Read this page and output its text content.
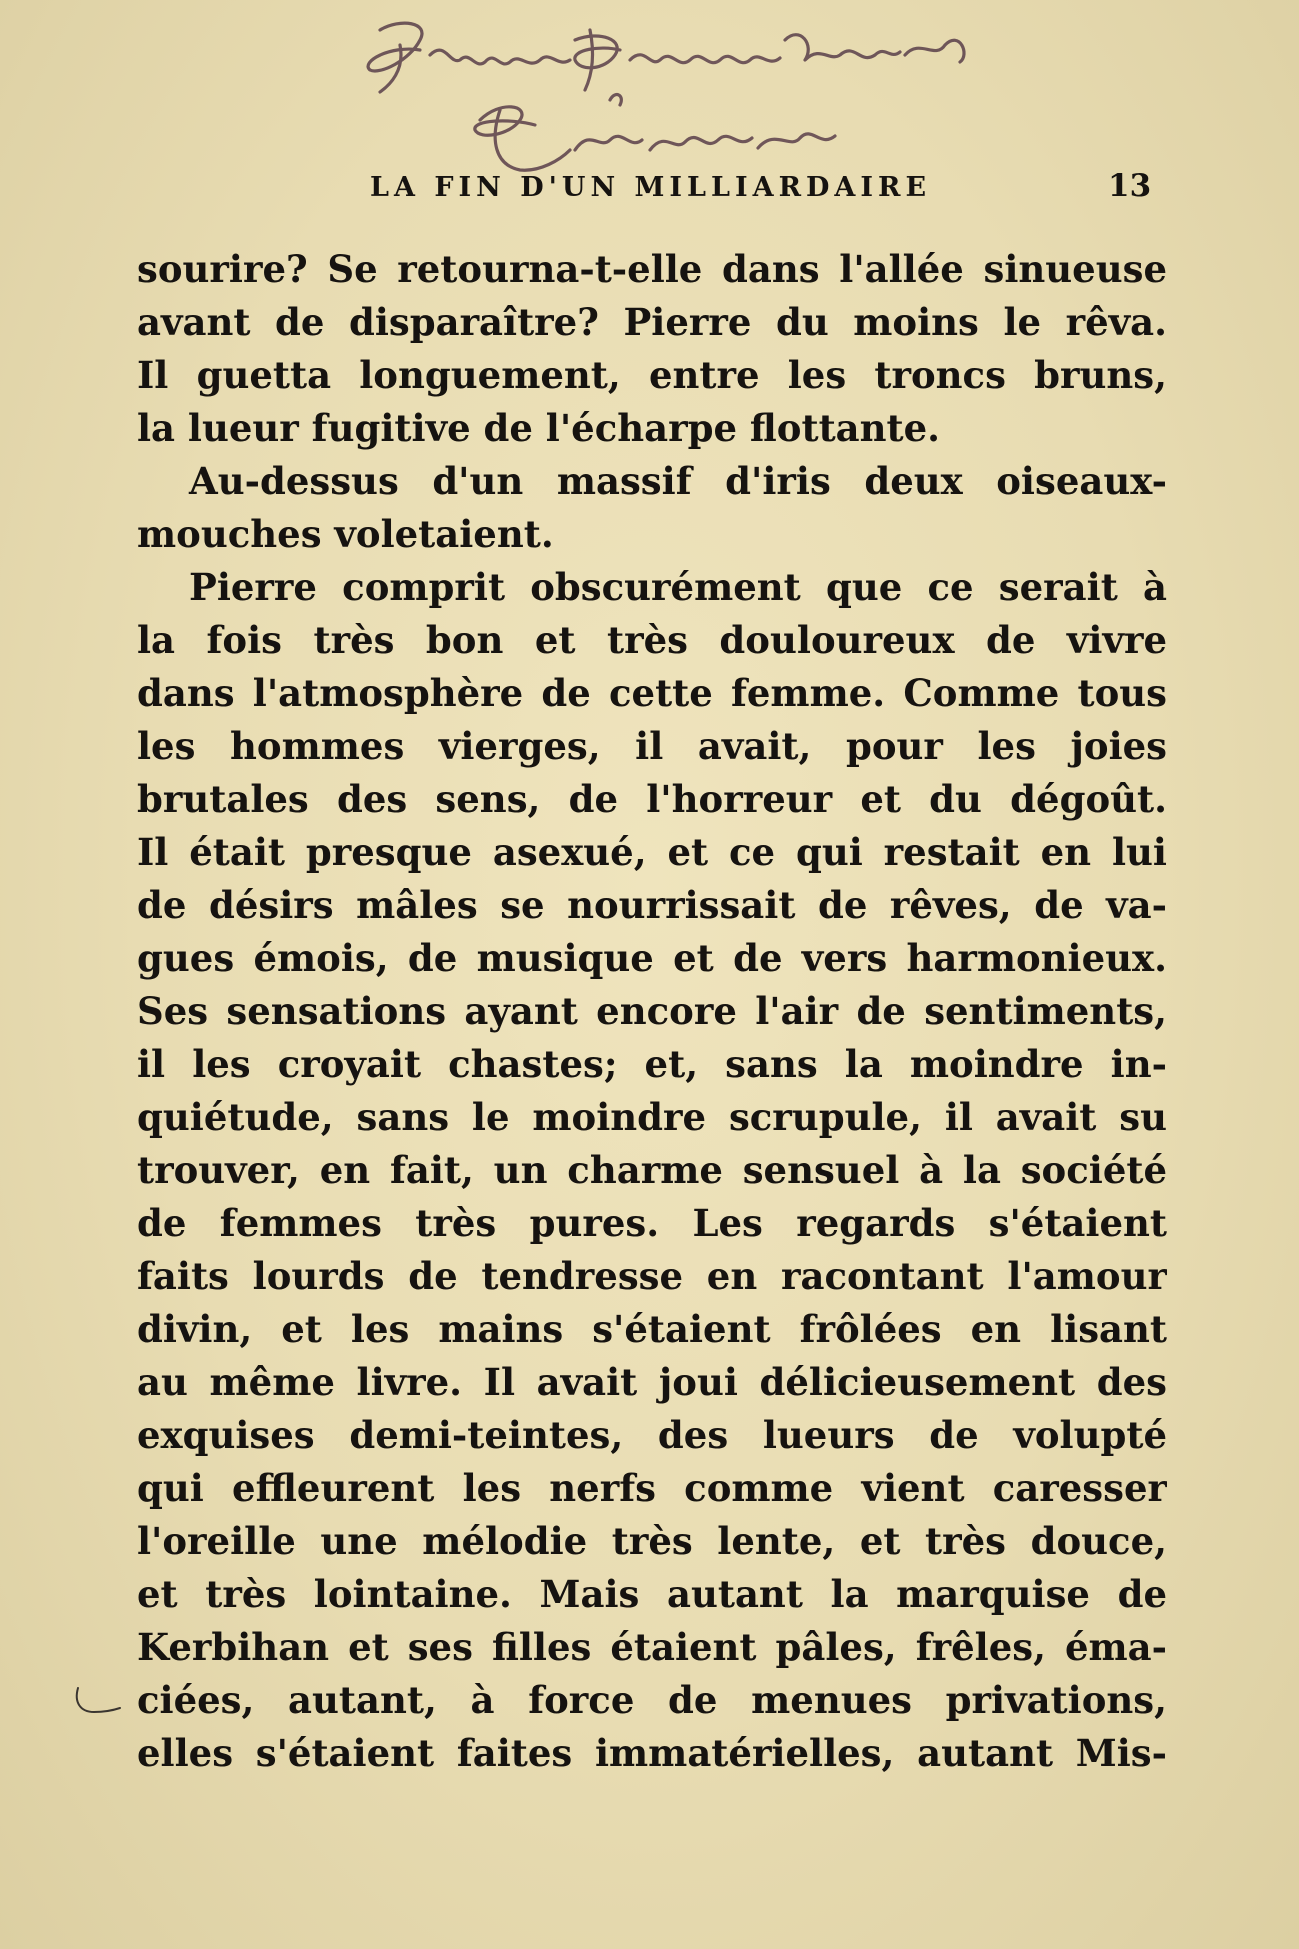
LA FIN D'UN MILLIARDAIRE	13
sourire? Se retourna-t-elle dans l'allée sinueuse
avant de disparaître? Pierre du moins le rêva.
Il guetta longuement, entre les troncs bruns,
la lueur fugitive de l'écharpe flottante.
Au-dessus d'un massif d'iris deux oiseaux-
mouches voletaient.
Pierre comprit obscurément que ce serait à
la fois très bon et très douloureux de vivre
dans l'atmosphère de cette femme. Comme tous
les hommes vierges, il avait, pour les joies
brutales des sens, de l'horreur et du dégoût.
Il était presque asexué, et ce qui restait en lui
de désirs mâles se nourrissait de rêves, de va-
gues émois, de musique et de vers harmonieux.
Ses sensations ayant encore l'air de sentiments,
il les croyait chastes; et, sans la moindre in-
quiétude, sans le moindre scrupule, il avait su
trouver, en fait, un charme sensuel à la société
de femmes très pures. Les regards s'étaient
faits lourds de tendresse en racontant l'amour
divin, et les mains s'étaient frôlées en lisant
au même livre. Il avait joui délicieusement des
exquises demi-teintes, des lueurs de volupté
qui effleurent les nerfs comme vient caresser
l'oreille une mélodie très lente, et très douce,
et très lointaine. Mais autant la marquise de
Kerbihan et ses filles étaient pâles, frêles, éma-
ciées, autant, à force de menues privations,
elles s'étaient faites immatérielles, autant Mis-
